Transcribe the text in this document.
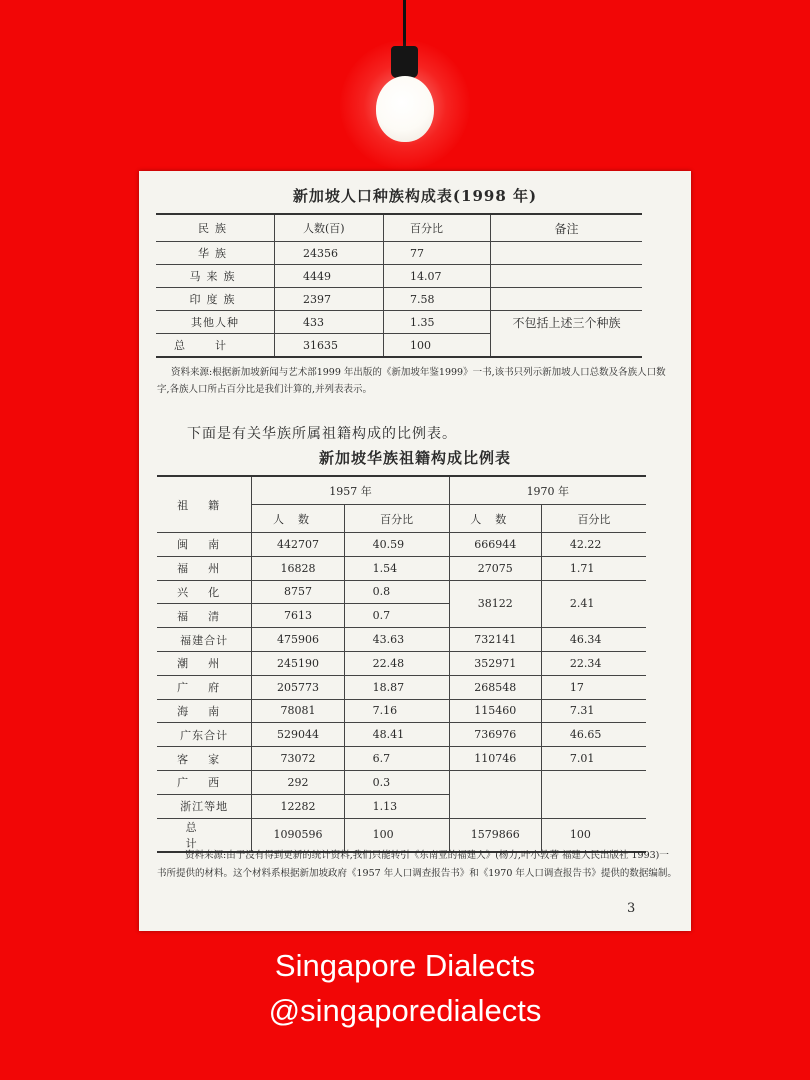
新加坡人口种族构成表(1998 年)
民族	人数(百)	百分比	备注
华族	24356	77	
马来族	4449	14.07	
印度族	2397	7.58	
其他人种	433	1.35	不包括上述三个种族
总计	31635	100	
资料来源:根据新加坡新闻与艺术部1999 年出版的《新加坡年鉴1999》一书,该书只列示新加坡人口总数及各族人口数字,各族人口所占百分比是我们计算的,并列表表示。
下面是有关华族所属祖籍构成的比例表。
新加坡华族祖籍构成比例表
祖籍	1957 年		1970 年	
	人数	百分比	人数	百分比
闽南	442707	40.59	666944	42.22
福州	16828	1.54	27075	1.71
兴化	8757	0.8	38122	2.41
福清	7613	0.7		
福建合计	475906	43.63	732141	46.34
潮州	245190	22.48	352971	22.34
广府	205773	18.87	268548	17
海南	78081	7.16	115460	7.31
广东合计	529044	48.41	736976	46.65
客家	73072	6.7	110746	7.01
广西	292	0.3		
浙江等地	12282	1.13		
总计	1090596	100	1579866	100
资料来源:由于没有得到更新的统计资料,我们只能转引《东南亚的福建人》(杨力,叶小敦著 福建人民出版社 1993)一书所提供的材料。这个材料系根据新加坡政府《1957 年人口调查报告书》和《1970 年人口调查报告书》提供的数据编制。
3
Singapore Dialects
@singaporedialects
